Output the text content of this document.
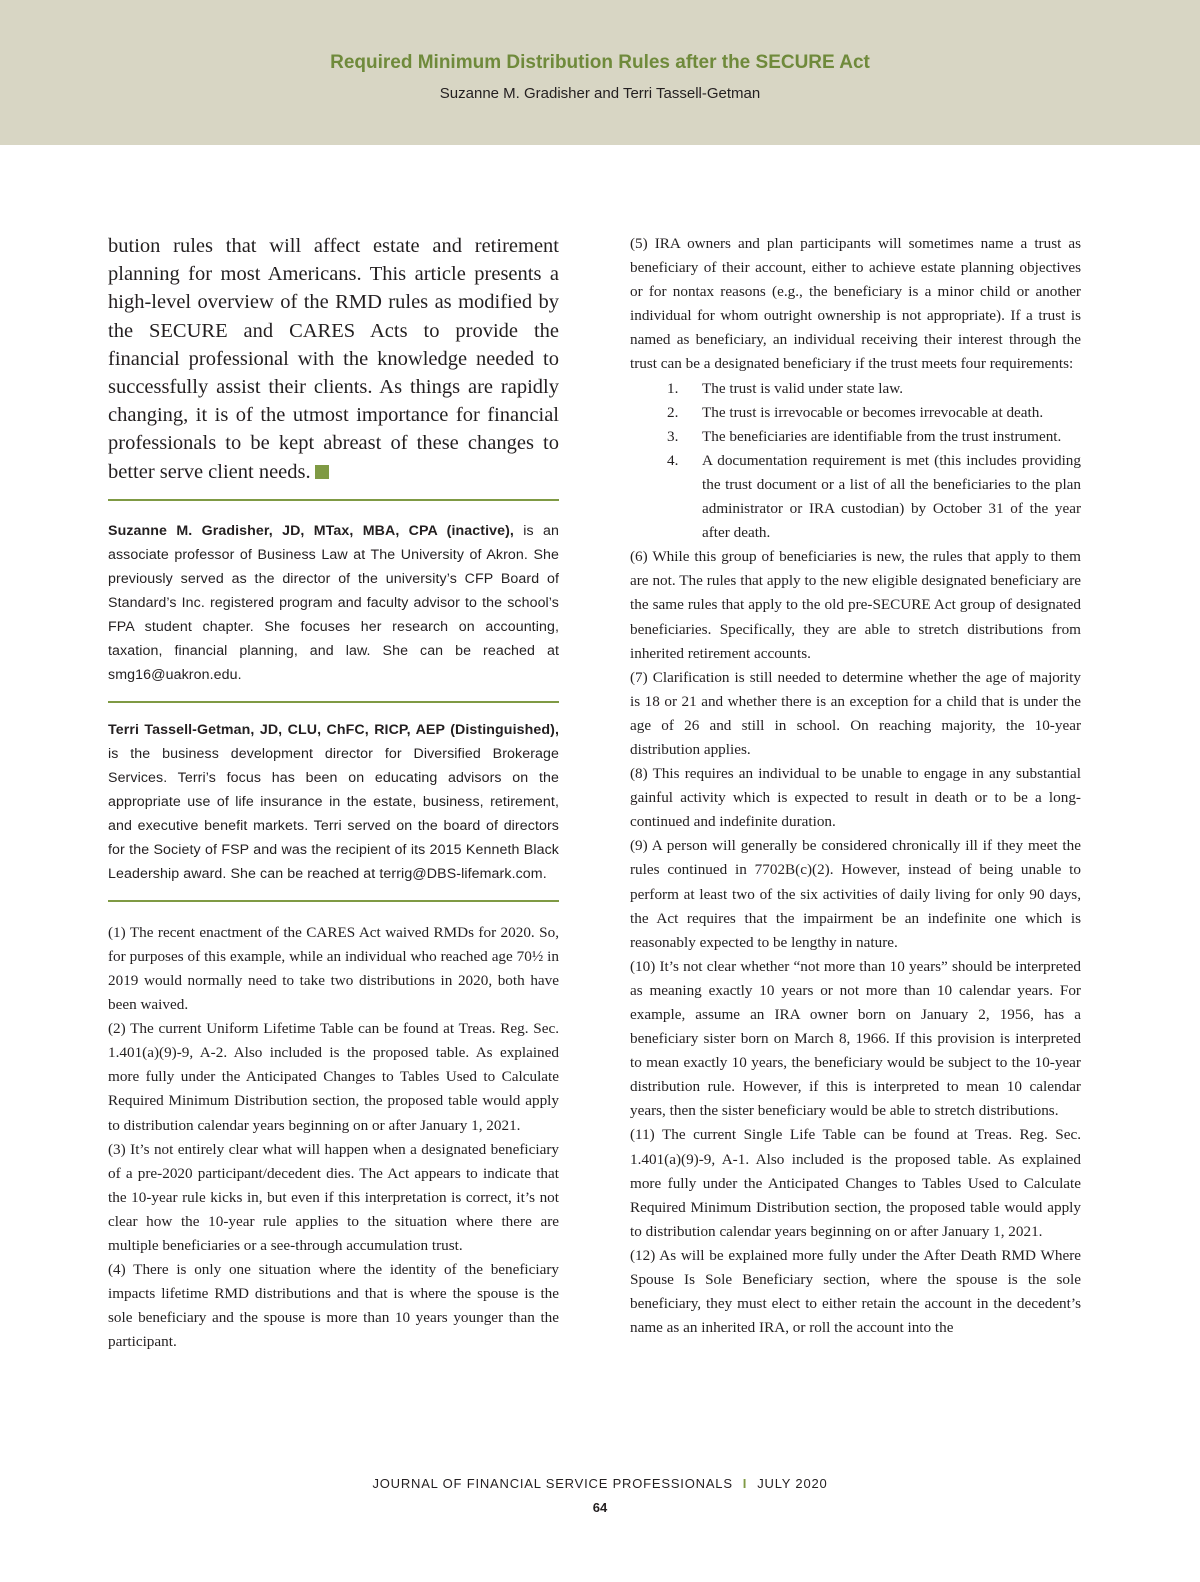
Required Minimum Distribution Rules after the SECURE Act
Suzanne M. Gradisher and Terri Tassell-Getman

bution rules that will affect estate and retirement planning for most Americans. This article presents a high-level overview of the RMD rules as modified by the SECURE and CARES Acts to provide the financial professional with the knowledge needed to successfully assist their clients. As things are rapidly changing, it is of the utmost importance for financial professionals to be kept abreast of these changes to better serve client needs.

Suzanne M. Gradisher, JD, MTax, MBA, CPA (inactive), is an associate professor of Business Law at The University of Akron. She previously served as the director of the university’s CFP Board of Standard’s Inc. registered program and faculty advisor to the school’s FPA student chapter. She focuses her research on accounting, taxation, financial planning, and law. She can be reached at smg16@uakron.edu.

Terri Tassell-Getman, JD, CLU, ChFC, RICP, AEP (Distinguished), is the business development director for Diversified Brokerage Services. Terri’s focus has been on educating advisors on the appropriate use of life insurance in the estate, business, retirement, and executive benefit markets. Terri served on the board of directors for the Society of FSP and was the recipient of its 2015 Kenneth Black Leadership award. She can be reached at terrig@DBS-lifemark.com.

(1) The recent enactment of the CARES Act waived RMDs for 2020. So, for purposes of this example, while an individual who reached age 70½ in 2019 would normally need to take two distributions in 2020, both have been waived.

(2) The current Uniform Lifetime Table can be found at Treas. Reg. Sec. 1.401(a)(9)-9, A-2. Also included is the proposed table. As explained more fully under the Anticipated Changes to Tables Used to Calculate Required Minimum Distribution section, the proposed table would apply to distribution calendar years beginning on or after January 1, 2021.

(3) It’s not entirely clear what will happen when a designated beneficiary of a pre-2020 participant/decedent dies. The Act appears to indicate that the 10-year rule kicks in, but even if this interpretation is correct, it’s not clear how the 10-year rule applies to the situation where there are multiple beneficiaries or a see-through accumulation trust.

(4) There is only one situation where the identity of the beneficiary impacts lifetime RMD distributions and that is where the spouse is the sole beneficiary and the spouse is more than 10 years younger than the participant.

(5) IRA owners and plan participants will sometimes name a trust as beneficiary of their account, either to achieve estate planning objectives or for nontax reasons (e.g., the beneficiary is a minor child or another individual for whom outright ownership is not appropriate). If a trust is named as beneficiary, an individual receiving their interest through the trust can be a designated beneficiary if the trust meets four requirements:

1. The trust is valid under state law.
2. The trust is irrevocable or becomes irrevocable at death.
3. The beneficiaries are identifiable from the trust instrument.
4. A documentation requirement is met (this includes providing the trust document or a list of all the beneficiaries to the plan administrator or IRA custodian) by October 31 of the year after death.

(6) While this group of beneficiaries is new, the rules that apply to them are not. The rules that apply to the new eligible designated beneficiary are the same rules that apply to the old pre-SECURE Act group of designated beneficiaries. Specifically, they are able to stretch distributions from inherited retirement accounts.

(7) Clarification is still needed to determine whether the age of majority is 18 or 21 and whether there is an exception for a child that is under the age of 26 and still in school. On reaching majority, the 10-year distribution applies.

(8) This requires an individual to be unable to engage in any substantial gainful activity which is expected to result in death or to be a long-continued and indefinite duration.

(9) A person will generally be considered chronically ill if they meet the rules continued in 7702B(c)(2). However, instead of being unable to perform at least two of the six activities of daily living for only 90 days, the Act requires that the impairment be an indefinite one which is reasonably expected to be lengthy in nature.

(10) It’s not clear whether “not more than 10 years” should be interpreted as meaning exactly 10 years or not more than 10 calendar years. For example, assume an IRA owner born on January 2, 1956, has a beneficiary sister born on March 8, 1966. If this provision is interpreted to mean exactly 10 years, the beneficiary would be subject to the 10-year distribution rule. However, if this is interpreted to mean 10 calendar years, then the sister beneficiary would be able to stretch distributions.

(11) The current Single Life Table can be found at Treas. Reg. Sec. 1.401(a)(9)-9, A-1. Also included is the proposed table. As explained more fully under the Anticipated Changes to Tables Used to Calculate Required Minimum Distribution section, the proposed table would apply to distribution calendar years beginning on or after January 1, 2021.

(12) As will be explained more fully under the After Death RMD Where Spouse Is Sole Beneficiary section, where the spouse is the sole beneficiary, they must elect to either retain the account in the decedent’s name as an inherited IRA, or roll the account into the

JOURNAL OF FINANCIAL SERVICE PROFESSIONALS I JULY 2020
64
